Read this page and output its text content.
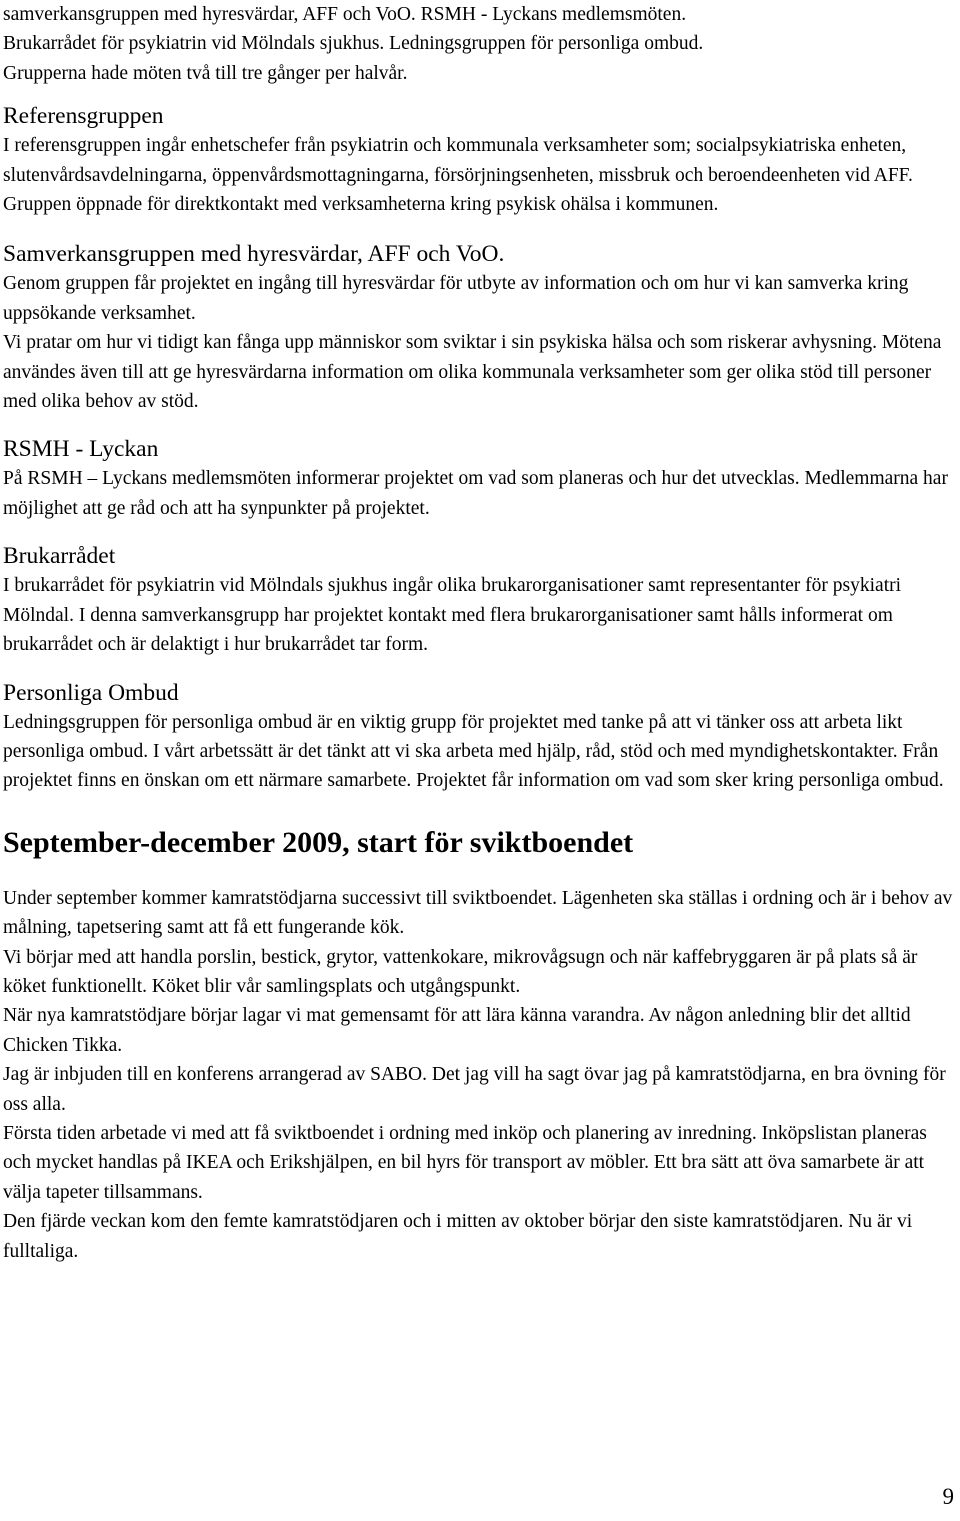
samverkansgruppen med hyresvärdar, AFF och VoO. RSMH - Lyckans medlemsmöten.
Brukarrådet för psykiatrin vid Mölndals sjukhus. Ledningsgruppen för personliga ombud.
Grupperna hade möten två till tre gånger per halvår.

Referensgruppen

I referensgruppen ingår enhetschefer från psykiatrin och kommunala verksamheter som; socialpsykiatriska enheten, slutenvårdsavdelningarna, öppenvårdsmottagningarna, försörjningsenheten, missbruk och beroendeenheten vid AFF.

Gruppen öppnade för direktkontakt med verksamheterna kring psykisk ohälsa i kommunen.

Samverkansgruppen med hyresvärdar, AFF och VoO.

Genom gruppen får projektet en ingång till hyresvärdar för utbyte av information och om hur vi kan samverka kring uppsökande verksamhet.

Vi pratar om hur vi tidigt kan fånga upp människor som sviktar i sin psykiska hälsa och som riskerar avhysning. Mötena användes även till att ge hyresvärdarna information om olika kommunala verksamheter som ger olika stöd till personer med olika behov av stöd.

RSMH - Lyckan

På RSMH – Lyckans medlemsmöten informerar projektet om vad som planeras och hur det utvecklas. Medlemmarna har möjlighet att ge råd och att ha synpunkter på projektet.

Brukarrådet

I brukarrådet för psykiatrin vid Mölndals sjukhus ingår olika brukarorganisationer samt representanter för psykiatri Mölndal. I denna samverkansgrupp har projektet kontakt med flera brukarorganisationer samt hålls informerat om brukarrådet och är delaktigt i hur brukarrådet tar form.

Personliga Ombud

Ledningsgruppen för personliga ombud är en viktig grupp för projektet med tanke på att vi tänker oss att arbeta likt personliga ombud. I vårt arbetssätt är det tänkt att vi ska arbeta med hjälp, råd, stöd och med myndighetskontakter. Från projektet finns en önskan om ett närmare samarbete. Projektet får information om vad som sker kring personliga ombud.

September-december 2009, start för sviktboendet

Under september kommer kamratstödjarna successivt till sviktboendet. Lägenheten ska ställas i ordning och är i behov av målning, tapetsering samt att få ett fungerande kök.

Vi börjar med att handla porslin, bestick, grytor, vattenkokare, mikrovågsugn och när kaffebryggaren är på plats så är köket funktionellt. Köket blir vår samlingsplats och utgångspunkt.

När nya kamratstödjare börjar lagar vi mat gemensamt för att lära känna varandra. Av någon anledning blir det alltid Chicken Tikka.

Jag är inbjuden till en konferens arrangerad av SABO. Det jag vill ha sagt övar jag på kamratstödjarna, en bra övning för oss alla.

Första tiden arbetade vi med att få sviktboendet i ordning med inköp och planering av inredning. Inköpslistan planeras och mycket handlas på IKEA och Erikshjälpen, en bil hyrs för transport av möbler. Ett bra sätt att öva samarbete är att välja tapeter tillsammans.

Den fjärde veckan kom den femte kamratstödjaren och i mitten av oktober börjar den siste kamratstödjaren. Nu är vi fulltaliga.

9
